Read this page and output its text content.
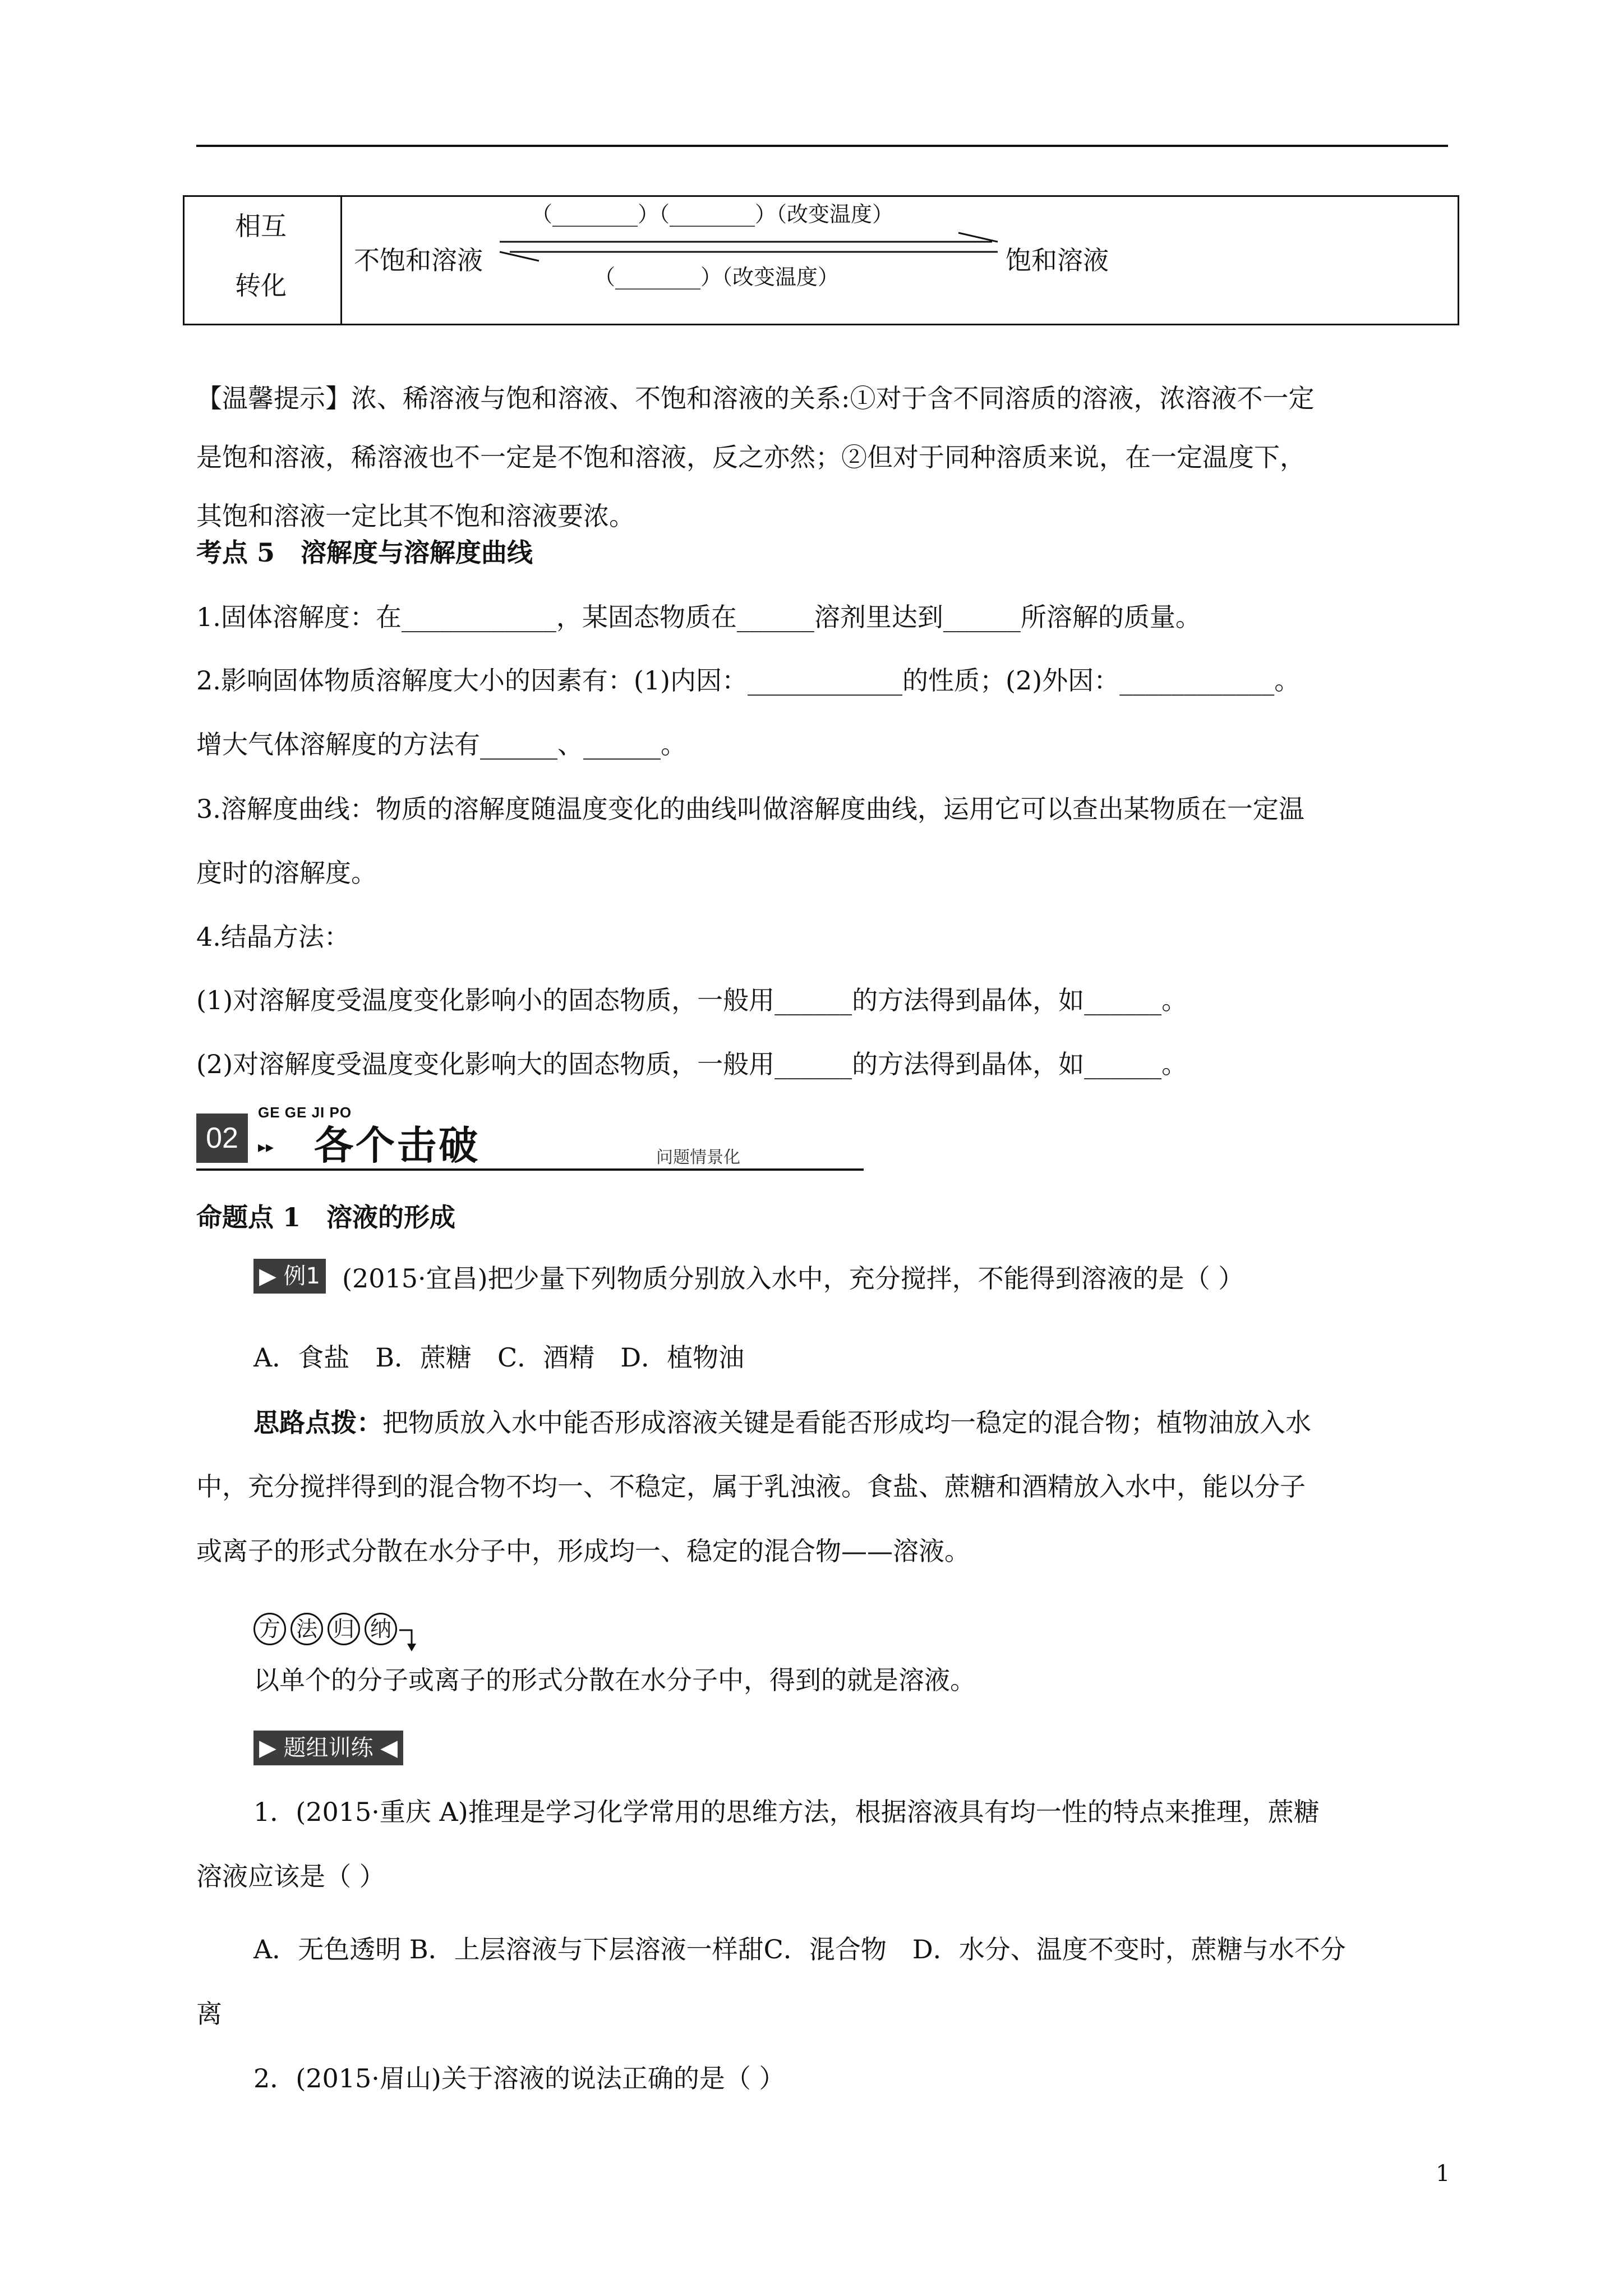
相互
转化
不饱和溶液	饱和溶液
（________）（________）（改变温度）
（________）（改变温度）
【温馨提示】浓、稀溶液与饱和溶液、不饱和溶液的关系:①对于含不同溶质的溶液，浓溶液不一定
是饱和溶液，稀溶液也不一定是不饱和溶液，反之亦然；②但对于同种溶质来说，在一定温度下，
其饱和溶液一定比其不饱和溶液要浓。
考点 5　溶解度与溶解度曲线
1.固体溶解度：在____________，某固态物质在______溶剂里达到______所溶解的质量。
2.影响固体物质溶解度大小的因素有：(1)内因：____________的性质；(2)外因：____________。
增大气体溶解度的方法有______、______。
3.溶解度曲线：物质的溶解度随温度变化的曲线叫做溶解度曲线，运用它可以查出某物质在一定温
度时的溶解度。
4.结晶方法：
(1)对溶解度受温度变化影响小的固态物质，一般用______的方法得到晶体，如______。
(2)对溶解度受温度变化影响大的固态物质，一般用______的方法得到晶体，如______。
02
GE GE JI PO
▸▸ 各个击破	问题情景化
命题点 1　溶液的形成
▶ 例1 (2015·宜昌)把少量下列物质分别放入水中，充分搅拌，不能得到溶液的是（ ）
A．食盐　B．蔗糖　C．酒精　D．植物油
思路点拨：把物质放入水中能否形成溶液关键是看能否形成均一稳定的混合物；植物油放入水
中，充分搅拌得到的混合物不均一、不稳定，属于乳浊液。食盐、蔗糖和酒精放入水中，能以分子
或离子的形式分散在水分子中，形成均一、稳定的混合物——溶液。
方 法 归 纳
以单个的分子或离子的形式分散在水分子中，得到的就是溶液。
▶ 题组训练 ◀
1．(2015·重庆 A)推理是学习化学常用的思维方法，根据溶液具有均一性的特点来推理，蔗糖
溶液应该是（ ）
A．无色透明 B．上层溶液与下层溶液一样甜C．混合物　D．水分、温度不变时，蔗糖与水不分
离
2．(2015·眉山)关于溶液的说法正确的是（ ）
1
